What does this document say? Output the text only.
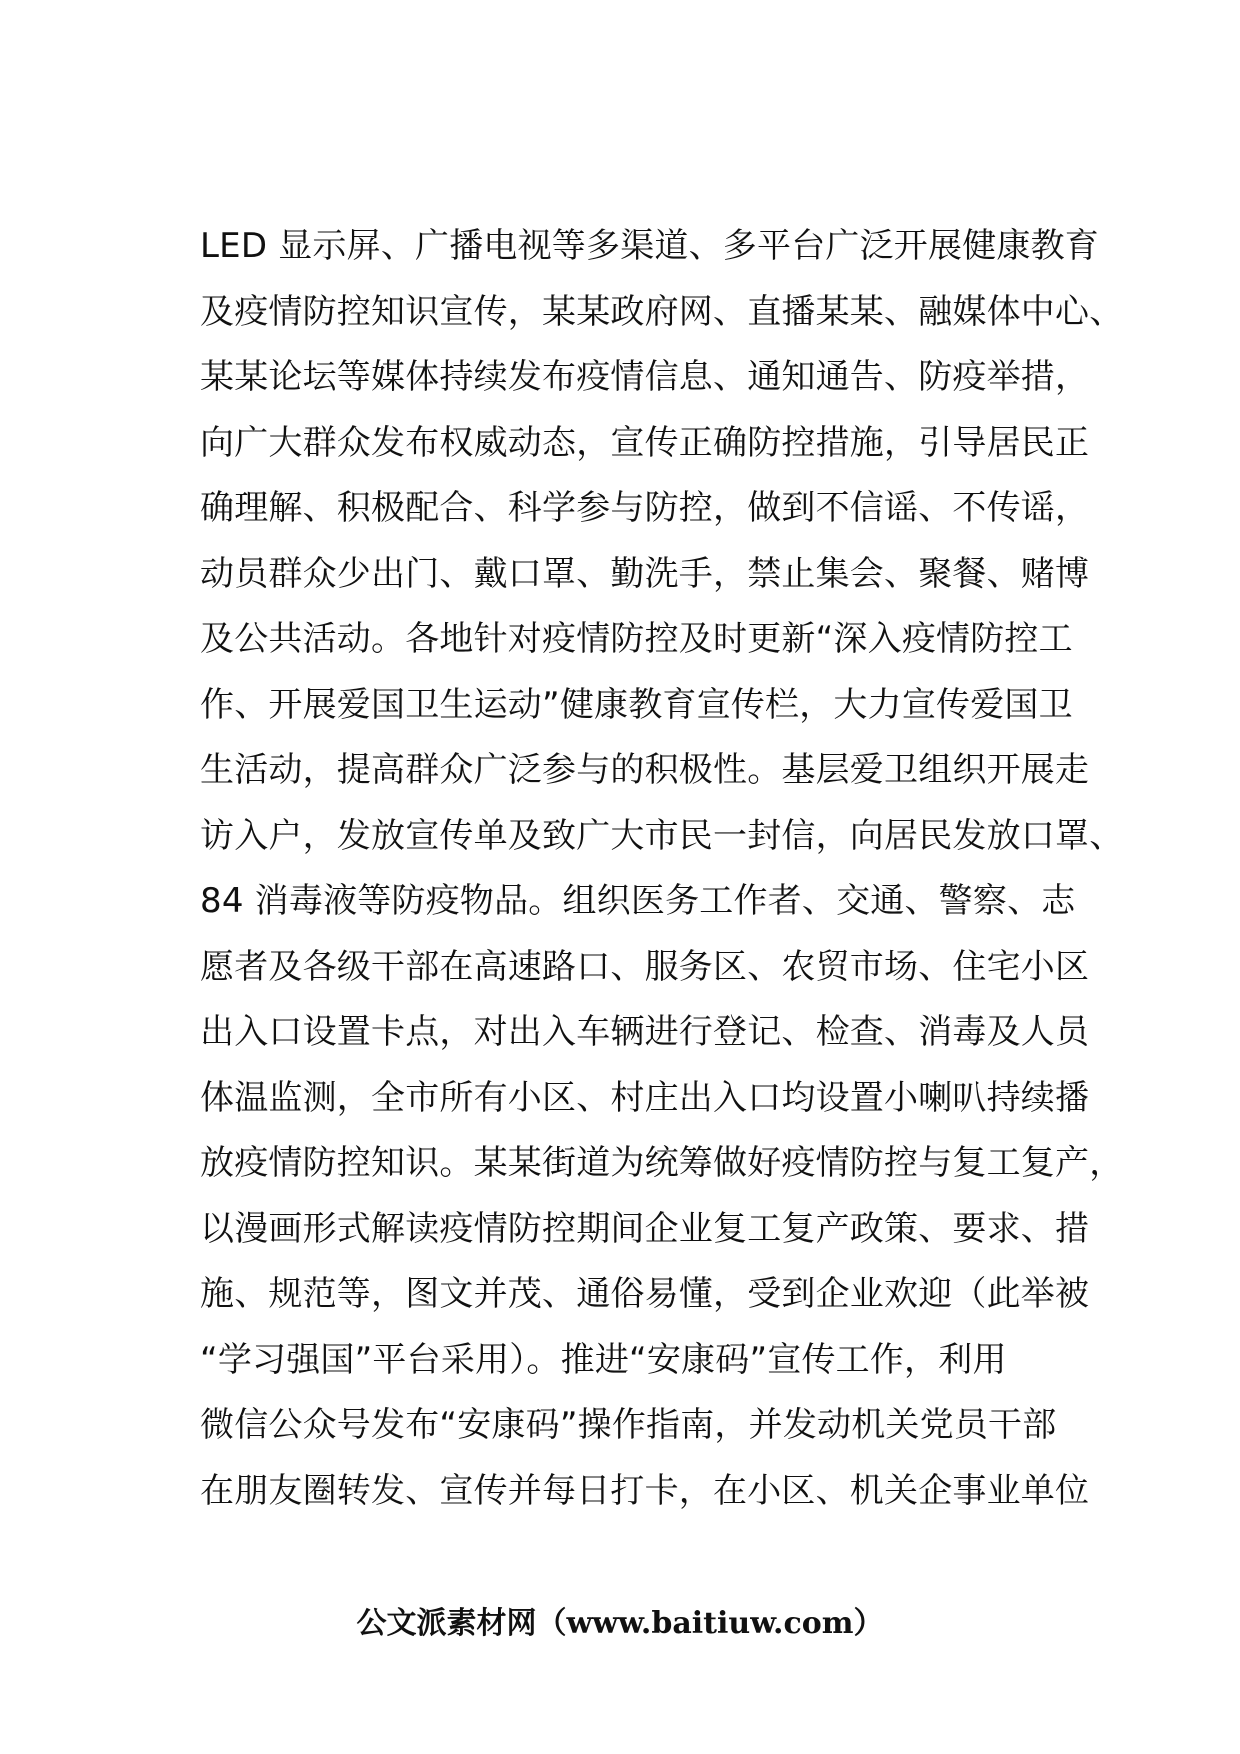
LED 显示屏、广播电视等多渠道、多平台广泛开展健康教育
及疫情防控知识宣传，某某政府网、直播某某、融媒体中心、
某某论坛等媒体持续发布疫情信息、通知通告、防疫举措，
向广大群众发布权威动态，宣传正确防控措施，引导居民正
确理解、积极配合、科学参与防控，做到不信谣、不传谣，
动员群众少出门、戴口罩、勤洗手，禁止集会、聚餐、赌博
及公共活动。各地针对疫情防控及时更新“深入疫情防控工
作、开展爱国卫生运动”健康教育宣传栏，大力宣传爱国卫
生活动，提高群众广泛参与的积极性。基层爱卫组织开展走
访入户，发放宣传单及致广大市民一封信，向居民发放口罩、
84 消毒液等防疫物品。组织医务工作者、交通、警察、志
愿者及各级干部在高速路口、服务区、农贸市场、住宅小区
出入口设置卡点，对出入车辆进行登记、检查、消毒及人员
体温监测，全市所有小区、村庄出入口均设置小喇叭持续播
放疫情防控知识。某某街道为统筹做好疫情防控与复工复产，
以漫画形式解读疫情防控期间企业复工复产政策、要求、措
施、规范等，图文并茂、通俗易懂，受到企业欢迎（此举被
“学习强国”平台采用）。推进“安康码”宣传工作，利用
微信公众号发布“安康码”操作指南，并发动机关党员干部
在朋友圈转发、宣传并每日打卡，在小区、机关企事业单位
公文派素材网（www.baitiuw.com）
